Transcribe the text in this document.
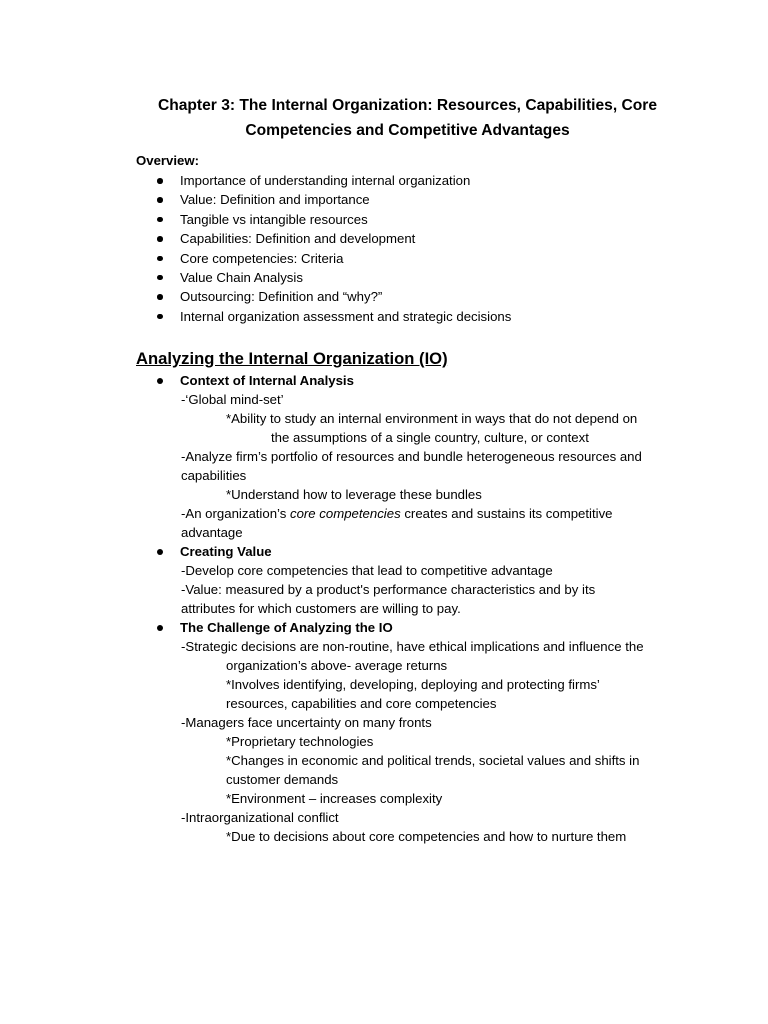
Chapter 3: The Internal Organization: Resources, Capabilities, Core
Competencies and Competitive Advantages
Overview:
Importance of understanding internal organization
Value: Definition and importance
Tangible vs intangible resources
Capabilities: Definition and development
Core competencies: Criteria
Value Chain Analysis
Outsourcing: Definition and “why?”
Internal organization assessment and strategic decisions
Analyzing the Internal Organization (IO)
Context of Internal Analysis
-‘Global mind-set’
*Ability to study an internal environment in ways that do not depend on
the assumptions of a single country, culture, or context
-Analyze firm’s portfolio of resources and bundle heterogeneous resources and
capabilities
*Understand how to leverage these bundles
-An organization’s core competencies creates and sustains its competitive
advantage
Creating Value
-Develop core competencies that lead to competitive advantage
-Value: measured by a product's performance characteristics and by its
attributes for which customers are willing to pay.
The Challenge of Analyzing the IO
-Strategic decisions are non-routine, have ethical implications and influence the
organization’s above- average returns
*Involves identifying, developing, deploying and protecting firms’
resources, capabilities and core competencies
-Managers face uncertainty on many fronts
*Proprietary technologies
*Changes in economic and political trends, societal values and shifts in
customer demands
*Environment – increases complexity
-Intraorganizational conflict
*Due to decisions about core competencies and how to nurture them
